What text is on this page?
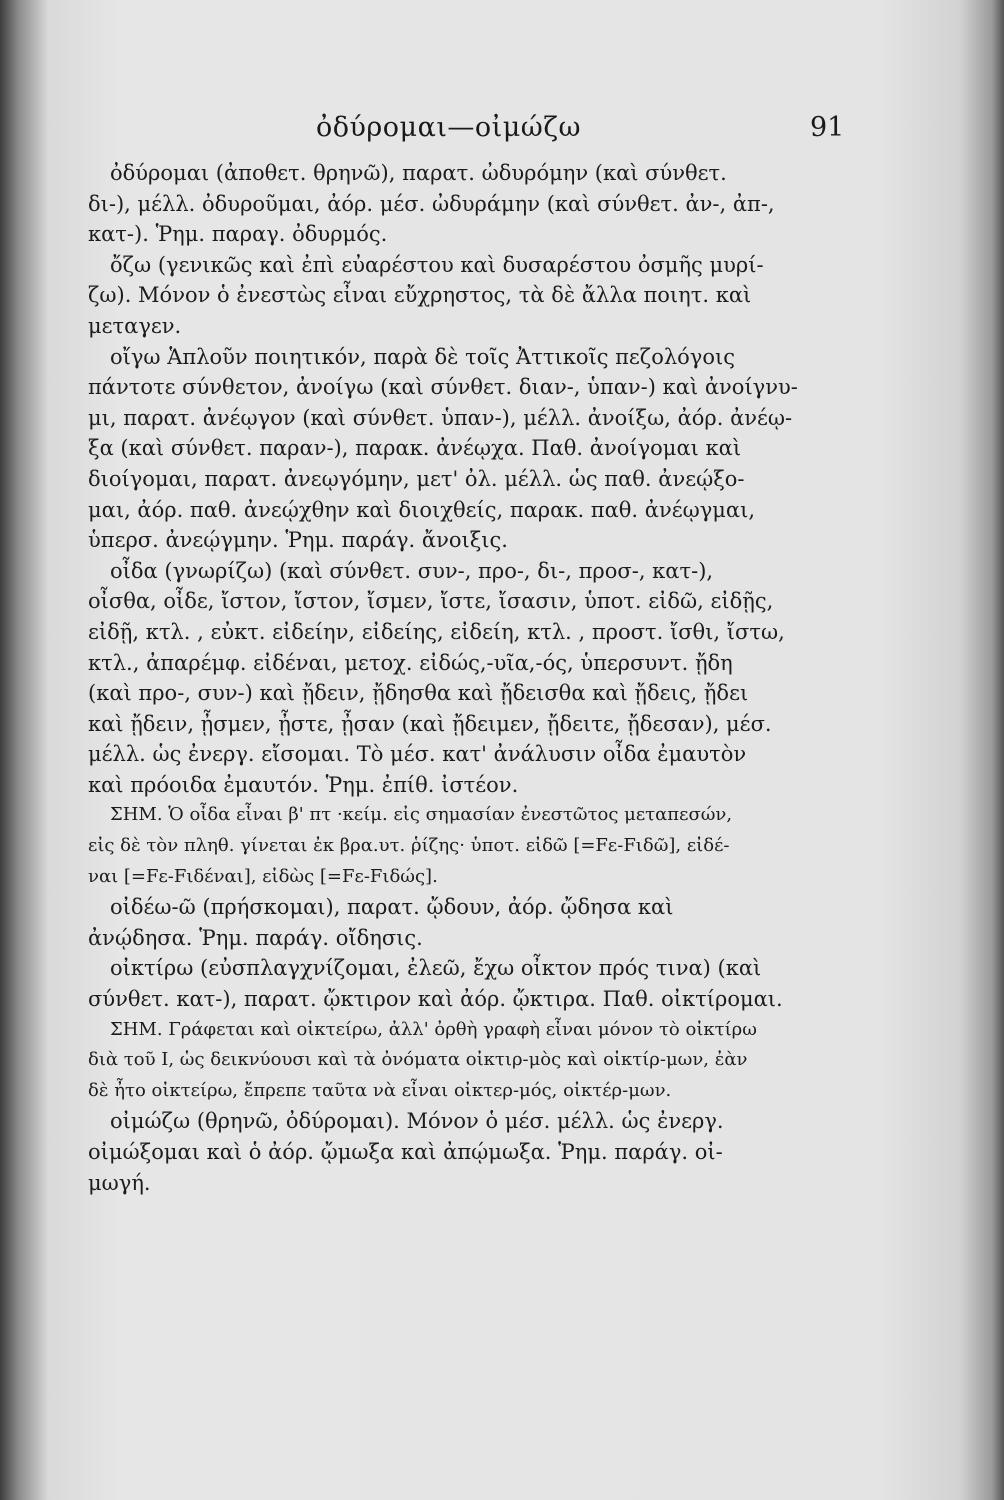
ὀδύρομαι—οἰμώζω	91
ὀδύρομαι (ἀποθετ. θρηνῶ), παρατ. ὠδυρόμην (καὶ σύνθετ.
δι-), μέλλ. ὀδυροῦμαι, ἀόρ. μέσ. ὠδυράμην (καὶ σύνθετ. ἀν-, ἀπ-,
κατ-). Ῥημ. παραγ. ὀδυρμός.
ὄζω (γενικῶς καὶ ἐπὶ εὐαρέστου καὶ δυσαρέστου ὀσμῆς μυρί-
ζω). Μόνον ὁ ἐνεστὼς εἶναι εὔχρηστος, τὰ δὲ ἄλλα ποιητ. καὶ
μεταγεν.
οἴγω Ἁπλοῦν ποιητικόν, παρὰ δὲ τοῖς Ἀττικοῖς πεζολόγοις
πάντοτε σύνθετον, ἀνοίγω (καὶ σύνθετ. διαν-, ὑπαν-) καὶ ἀνοίγνυ-
μι, παρατ. ἀνέῳγον (καὶ σύνθετ. ὑπαν-), μέλλ. ἀνοίξω, ἀόρ. ἀνέῳ-
ξα (καὶ σύνθετ. παραν-), παρακ. ἀνέῳχα. Παθ. ἀνοίγομαι καὶ
διοίγομαι, παρατ. ἀνεῳγόμην, μετ' ὀλ. μέλλ. ὡς παθ. ἀνεῴξο-
μαι, ἀόρ. παθ. ἀνεῴχθην καὶ διοιχθείς, παρακ. παθ. ἀνέῳγμαι,
ὑπερσ. ἀνεῴγμην. Ῥημ. παράγ. ἄνοιξις.
οἶδα (γνωρίζω) (καὶ σύνθετ. συν-, προ-, δι-, προσ-, κατ-),
οἶσθα, οἶδε, ἴστον, ἴστον, ἴσμεν, ἴστε, ἴσασιν, ὑποτ. εἰδῶ, εἰδῇς,
εἰδῇ, κτλ. , εὐκτ. εἰδείην, εἰδείης, εἰδείη, κτλ. , προστ. ἴσθι, ἴστω,
κτλ., ἀπαρέμφ. εἰδέναι, μετοχ. εἰδώς,-υῖα,-ός, ὑπερσυντ. ᾔδη
(καὶ προ-, συν-) καὶ ᾔδειν, ᾔδησθα καὶ ᾔδεισθα καὶ ᾔδεις, ᾔδει
καὶ ᾔδειν, ᾖσμεν, ᾖστε, ᾖσαν (καὶ ᾔδειμεν, ᾔδειτε, ᾔδεσαν), μέσ.
μέλλ. ὡς ἐνεργ. εἴσομαι. Τὸ μέσ. κατ' ἀνάλυσιν οἶδα ἐμαυτὸν
καὶ πρόοιδα ἐμαυτόν. Ῥημ. ἐπίθ. ἰστέον.
ΣΗΜ. Ὁ οἶδα εἶναι β' πτ ·κείμ. εἰς σημασίαν ἐνεστῶτος μεταπεσών,
εἰς δὲ τὸν πληθ. γίνεται ἐκ βρα.υτ. ῥίζης· ὑποτ. εἰδῶ [=Fε-Fιδῶ], εἰδέ-
ναι [=Fε-Fιδέναι], εἰδὼς [=Fε-Fιδώς].
οἰδέω-ῶ (πρήσκομαι), παρατ. ᾤδουν, ἀόρ. ᾤδησα καὶ
ἀνῴδησα. Ῥημ. παράγ. οἴδησις.
οἰκτίρω (εὐσπλαγχνίζομαι, ἐλεῶ, ἔχω οἶκτον πρός τινα) (καὶ
σύνθετ. κατ-), παρατ. ᾤκτιρον καὶ ἀόρ. ᾤκτιρα. Παθ. οἰκτίρομαι.
ΣΗΜ. Γράφεται καὶ οἰκτείρω, ἀλλ' ὀρθὴ γραφὴ εἶναι μόνον τὸ οἰκτίρω
διὰ τοῦ Ι, ὡς δεικνύουσι καὶ τὰ ὀνόματα οἰκτιρ-μὸς καὶ οἰκτίρ-μων, ἐὰν
δὲ ἦτο οἰκτείρω, ἔπρεπε ταῦτα νὰ εἶναι οἰκτερ-μός, οἰκτέρ-μων.
οἰμώζω (θρηνῶ, ὀδύρομαι). Μόνον ὁ μέσ. μέλλ. ὡς ἐνεργ.
οἰμώξομαι καὶ ὁ ἀόρ. ᾤμωξα καὶ ἀπῴμωξα. Ῥημ. παράγ. οἰ-
μωγή.
